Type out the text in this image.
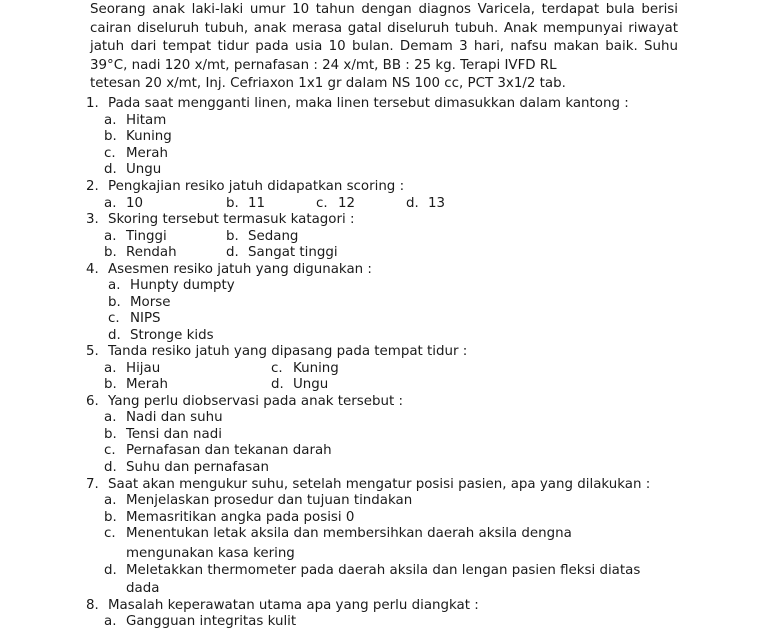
Seorang anak laki-laki umur 10 tahun dengan diagnos Varicela, terdapat bula berisi cairan diseluruh tubuh, anak merasa gatal diseluruh tubuh. Anak mempunyai riwayat jatuh dari tempat tidur pada usia 10 bulan. Demam 3 hari, nafsu makan baik. Suhu 39°C, nadi 120 x/mt, pernafasan : 24 x/mt, BB : 25 kg. Terapi IVFD RL
tetesan 20 x/mt, Inj. Cefriaxon 1x1 gr dalam NS 100 cc, PCT 3x1/2 tab.

1. Pada saat mengganti linen, maka linen tersebut dimasukkan dalam kantong :
a. Hitam
b. Kuning
c. Merah
d. Ungu
2. Pengkajian resiko jatuh didapatkan scoring :
a. 10	b. 11	c. 12	d. 13
3. Skoring tersebut termasuk katagori :
a. Tinggi	b. Sedang
b. Rendah	d. Sangat tinggi
4. Asesmen resiko jatuh yang digunakan :
a. Hunpty dumpty
b. Morse
c. NIPS
d. Stronge kids
5. Tanda resiko jatuh yang dipasang pada tempat tidur :
a. Hijau	c. Kuning
b. Merah	d. Ungu
6. Yang perlu diobservasi pada anak tersebut :
a. Nadi dan suhu
b. Tensi dan nadi
c. Pernafasan dan tekanan darah
d. Suhu dan pernafasan
7. Saat akan mengukur suhu, setelah mengatur posisi pasien, apa yang dilakukan :
a. Menjelaskan prosedur dan tujuan tindakan
b. Memasritikan angka pada posisi 0
c. Menentukan letak aksila dan membersihkan daerah aksila dengna
mengunakan kasa kering
d. Meletakkan thermometer pada daerah aksila dan lengan pasien fleksi diatas
dada
8. Masalah keperawatan utama apa yang perlu diangkat :
a. Gangguan integritas kulit
